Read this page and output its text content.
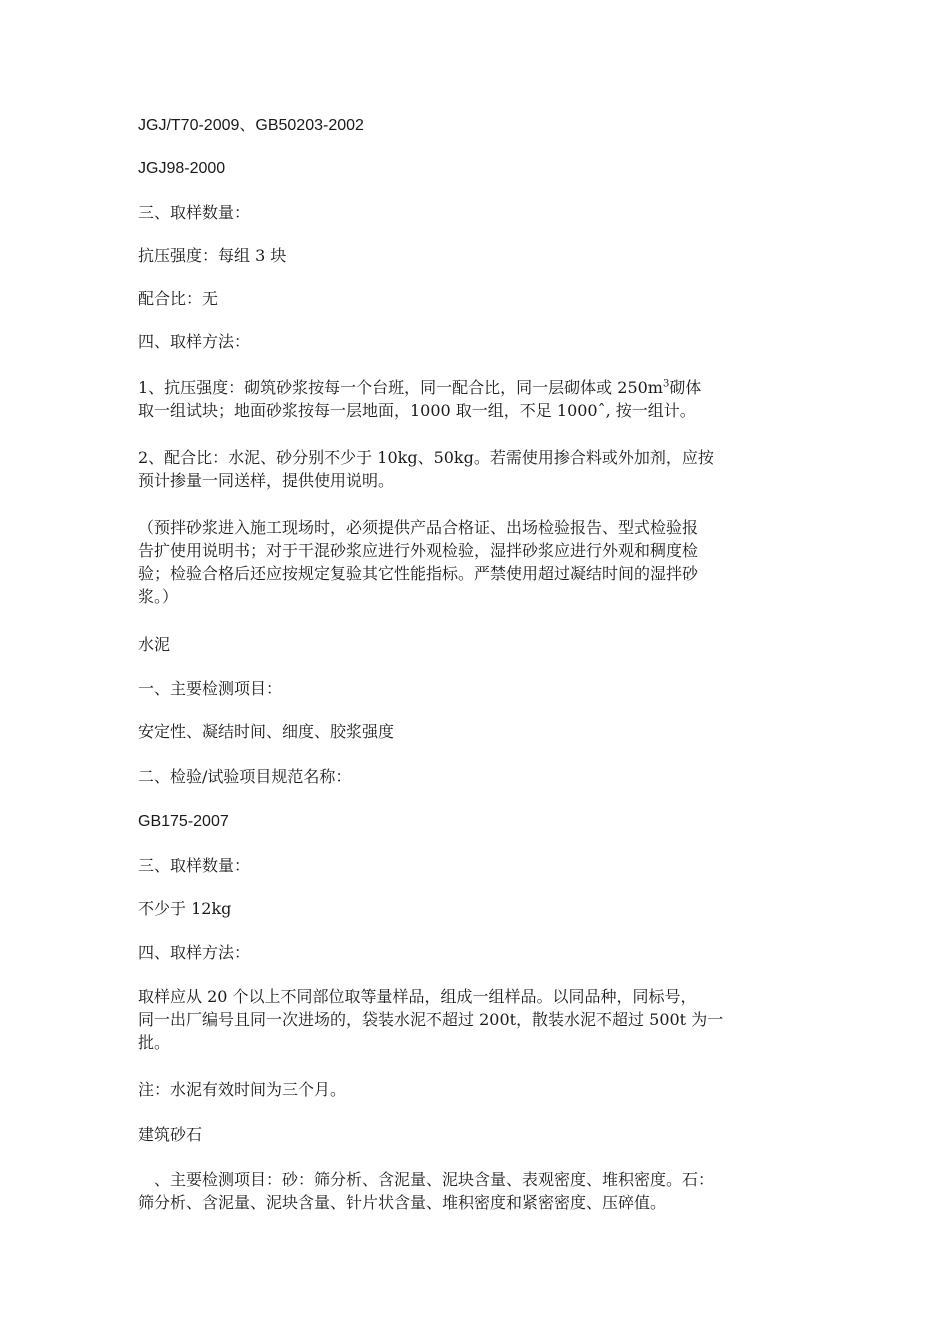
JGJ/T70-2009、GB50203-2002

JGJ98-2000

三、取样数量：

抗压强度：每组 3 块

配合比：无

四、取样方法：

1、抗压强度：砌筑砂浆按每一个台班，同一配合比，同一层砌体或 $250m^3$砌体
取一组试块；地面砂浆按每一层地面，1000 取一组，不足 1000ˆ, 按一组计。
2、配合比：水泥、砂分别不少于 10kg、50kg。若需使用掺合料或外加剂，应按
预计掺量一同送样，提供使用说明。
（预拌砂浆进入施工现场时，必须提供产品合格证、出场检验报告、型式检验报
告扩使用说明书；对于干混砂浆应进行外观检验，湿拌砂浆应进行外观和稠度检
验；检验合格后还应按规定复验其它性能指标。严禁使用超过凝结时间的湿拌砂
浆。）

水泥

一、主要检测项目：

安定性、凝结时间、细度、胶浆强度

二、检验/试验项目规范名称：

GB175-2007

三、取样数量：

不少于 12kg

四、取样方法：

取样应从 20 个以上不同部位取等量样品，组成一组样品。以同品种，同标号，
同一出厂编号且同一次进场的，袋装水泥不超过 200t，散装水泥不超过 500t 为一
批。

注：水泥有效时间为三个月。

建筑砂石

、主要检测项目：砂：筛分析、含泥量、泥块含量、表观密度、堆积密度。石：
筛分析、含泥量、泥块含量、针片状含量、堆积密度和紧密密度、压碎值。
